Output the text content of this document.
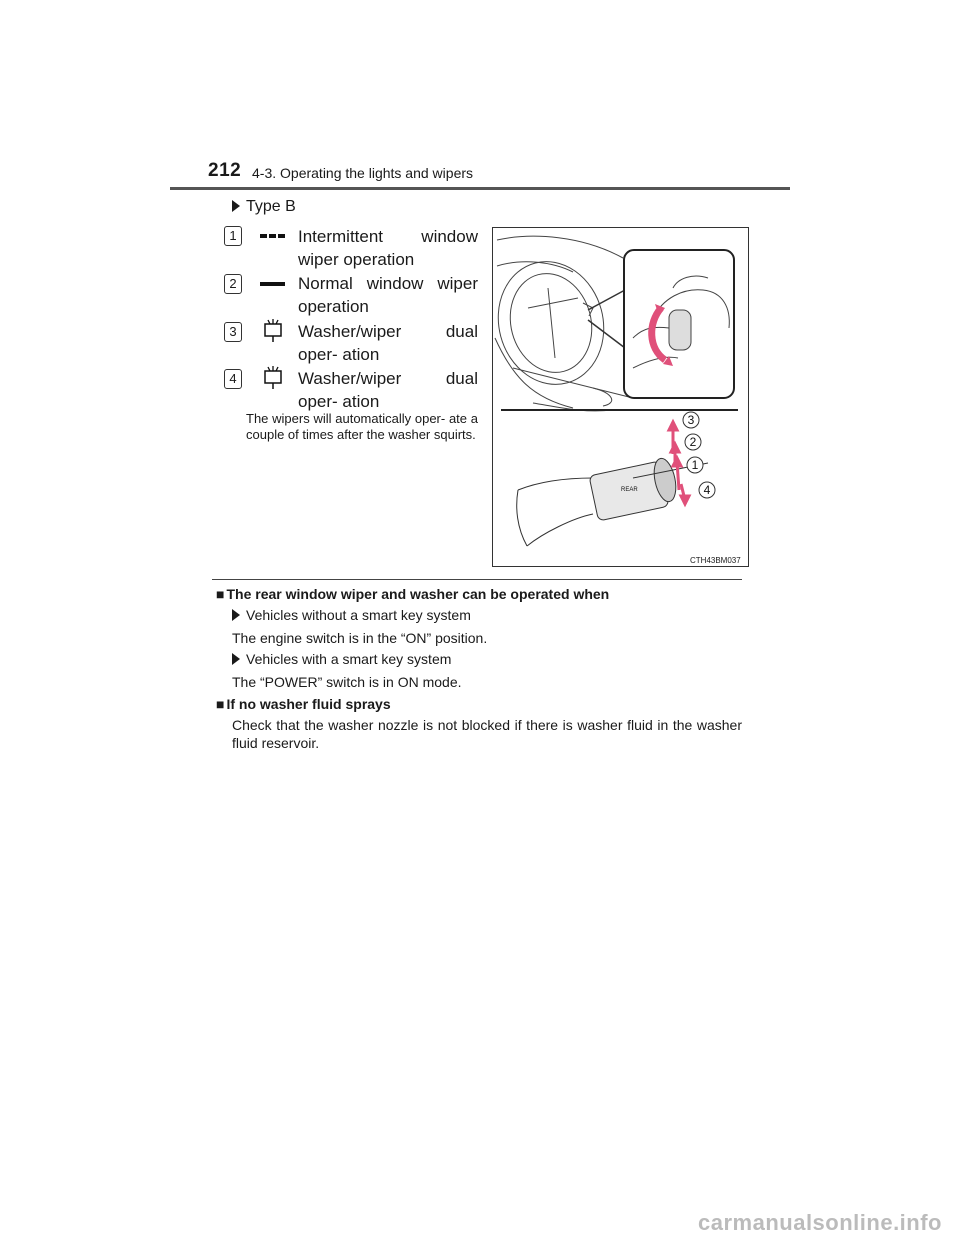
212 4-3. Operating the lights and wipers
Type B
1	Intermittent window wiper operation
2	Normal window wiper operation
3	Washer/wiper dual oper- ation
4	Washer/wiper dual oper- ation
The wipers will automatically oper- ate a couple of times after the washer squirts.
REAR
3
2
1
4
CTH43BM037
■ The rear window wiper and washer can be operated when
Vehicles without a smart key system
The engine switch is in the “ON” position.
Vehicles with a smart key system
The “POWER” switch is in ON mode.
■ If no washer fluid sprays
Check that the washer nozzle is not blocked if there is washer fluid in the washer fluid reservoir.
carmanualsonline.info
